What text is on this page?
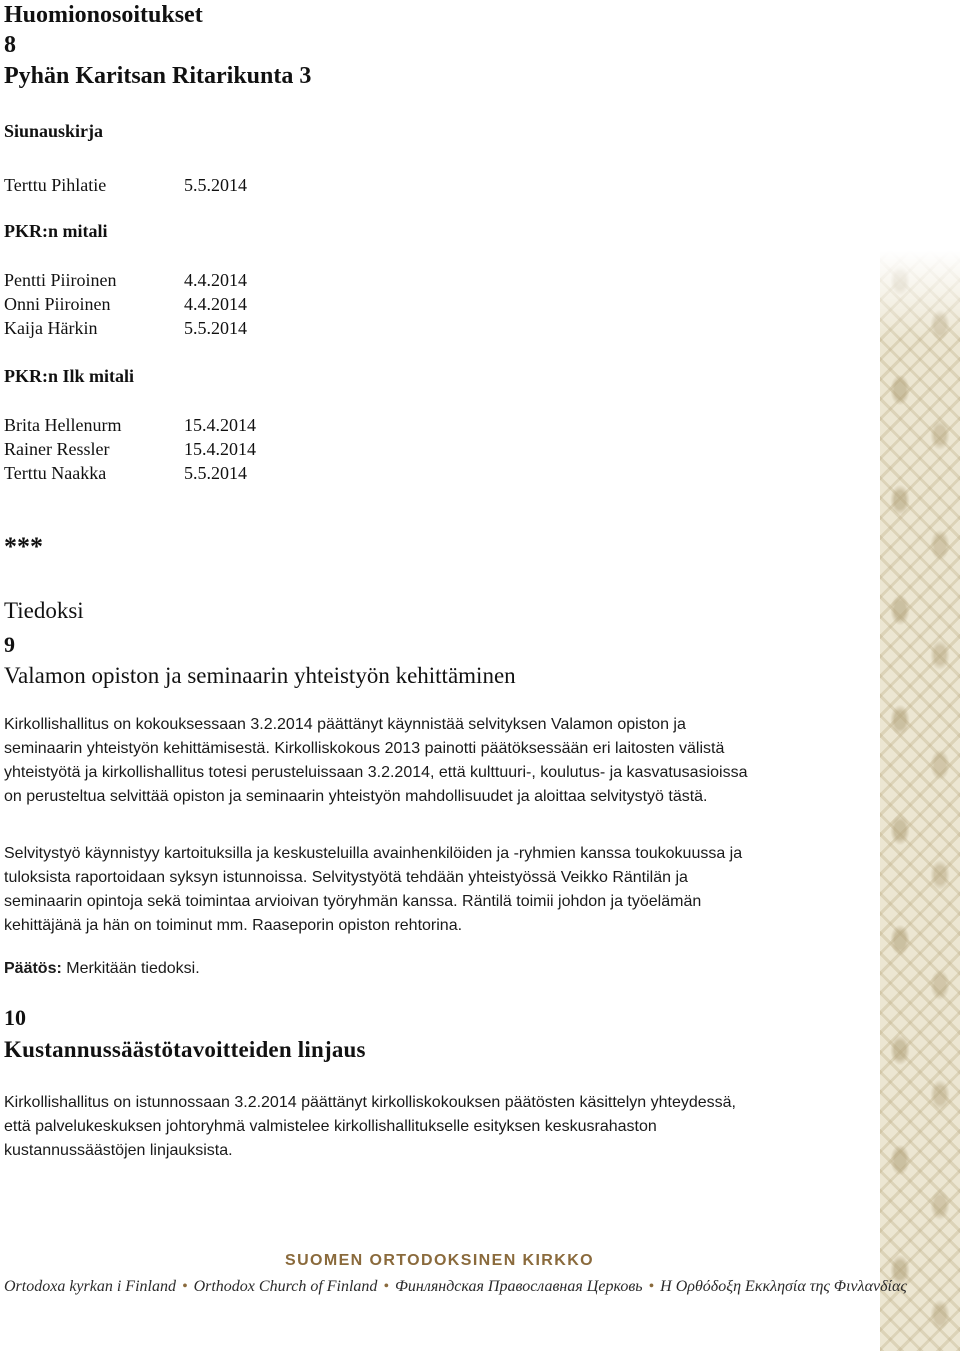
Huomionosoitukset
8
Pyhän Karitsan Ritarikunta 3
Siunauskirja
Terttu Pihlatie	5.5.2014
PKR:n mitali
Pentti Piiroinen	4.4.2014
Onni Piiroinen	4.4.2014
Kaija Härkin	5.5.2014
PKR:n Ilk mitali
Brita Hellenurm	15.4.2014
Rainer Ressler	15.4.2014
Terttu Naakka	5.5.2014
***
Tiedoksi
9
Valamon opiston ja seminaarin yhteistyön kehittäminen
Kirkollishallitus on kokouksessaan 3.2.2014 päättänyt käynnistää selvityksen Valamon opiston ja
seminaarin yhteistyön kehittämisestä. Kirkolliskokous 2013 painotti päätöksessään eri laitosten välistä
yhteistyötä ja kirkollishallitus totesi perusteluissaan 3.2.2014, että kulttuuri-, koulutus- ja kasvatusasioissa
on perusteltua selvittää opiston ja seminaarin yhteistyön mahdollisuudet ja aloittaa selvitystyö tästä.
Selvitystyö käynnistyy kartoituksilla ja keskusteluilla avainhenkilöiden ja -ryhmien kanssa toukokuussa ja
tuloksista raportoidaan syksyn istunnoissa. Selvitystyötä tehdään yhteistyössä Veikko Räntilän ja
seminaarin opintoja sekä toimintaa arvioivan työryhmän kanssa. Räntilä toimii johdon ja työelämän
kehittäjänä ja hän on toiminut mm. Raaseporin opiston rehtorina.
Päätös: Merkitään tiedoksi.
10
Kustannussäästötavoitteiden linjaus
Kirkollishallitus on istunnossaan 3.2.2014 päättänyt kirkolliskokouksen päätösten käsittelyn yhteydessä,
että palvelukeskuksen johtoryhmä valmistelee kirkollishallitukselle esityksen keskusrahaston
kustannussäästöjen linjauksista.
SUOMEN ORTODOKSINEN KIRKKO
Ortodoxa kyrkan i Finland • Orthodox Church of Finland • Финляндская Православная Церковь • Η Ορθόδοξη Εκκλησία της Φινλανδίας
